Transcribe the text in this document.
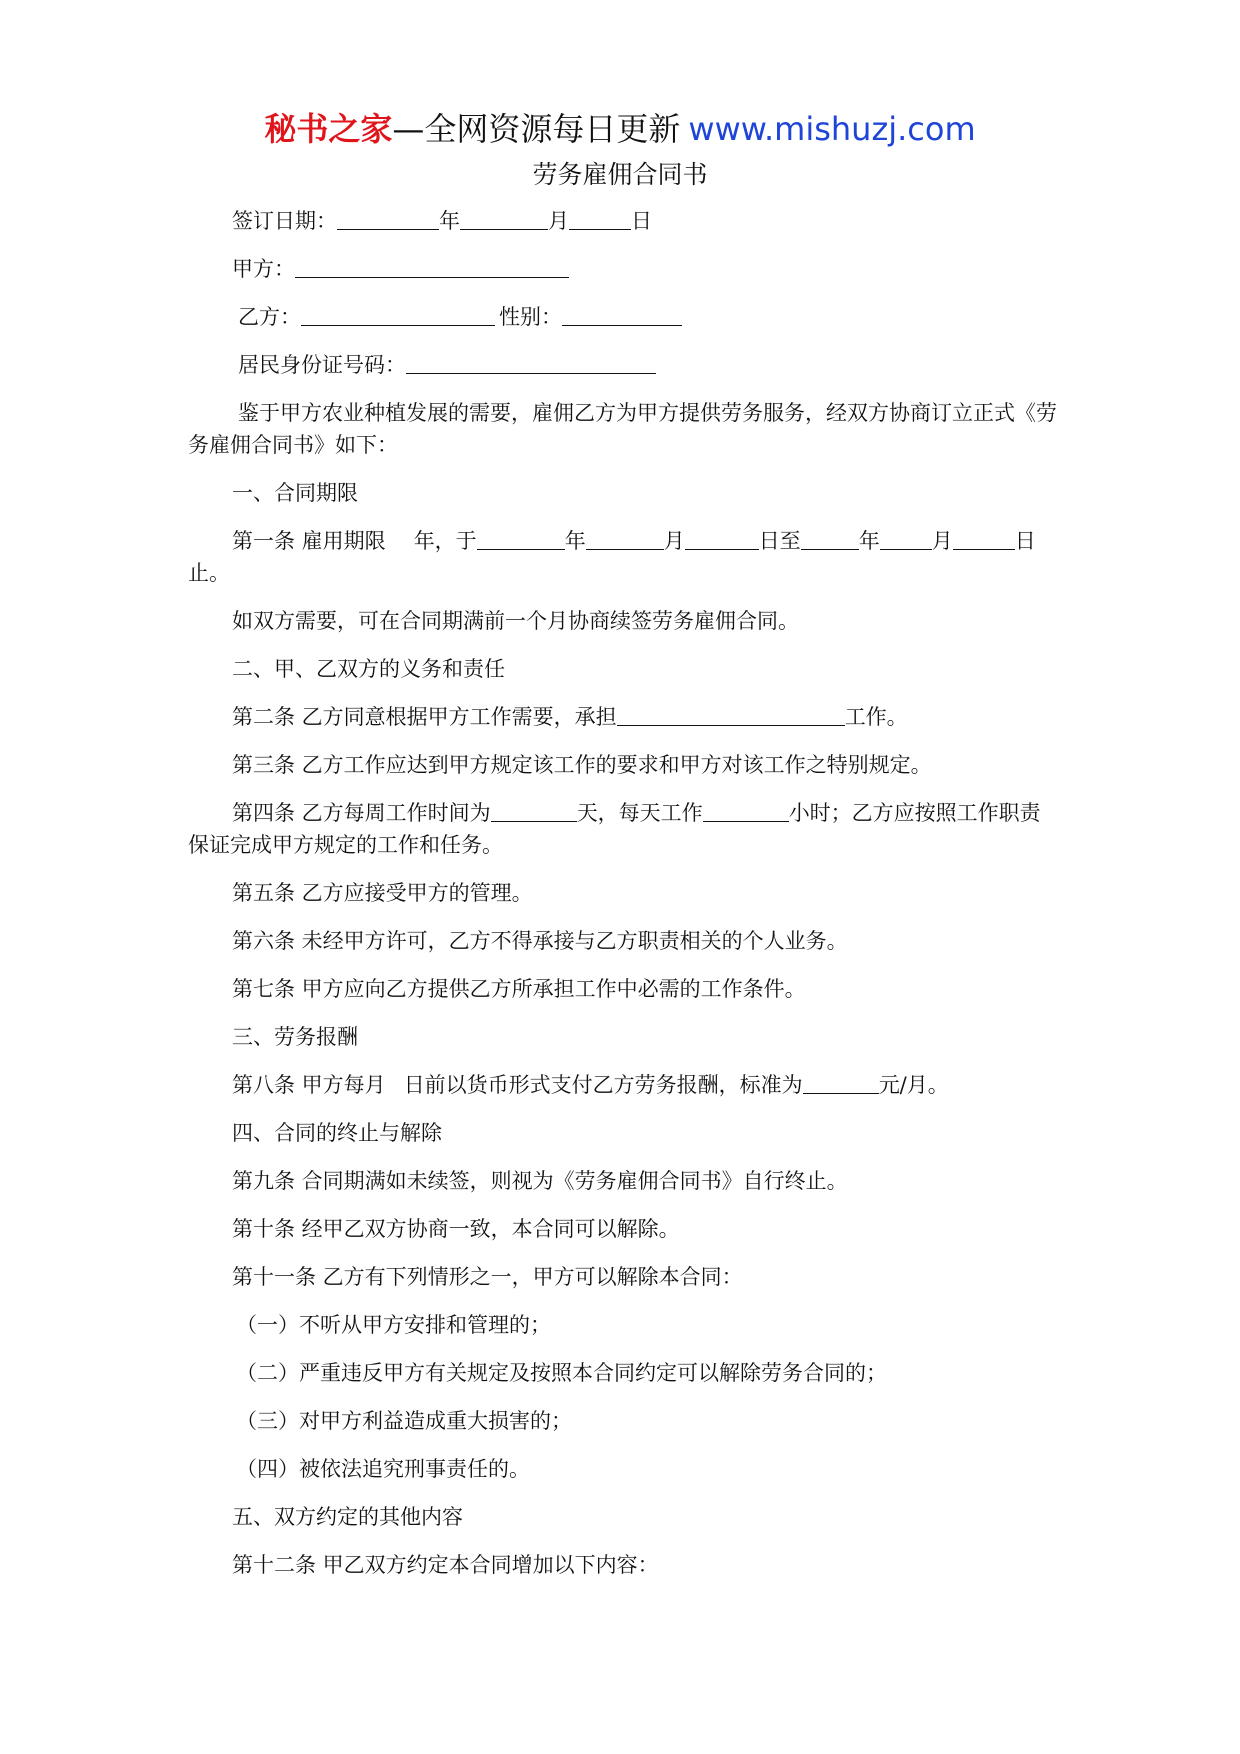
秘书之家—全网资源每日更新 www.mishuzj.com
劳务雇佣合同书
签订日期：	年	月	日
甲方：
乙方：	性别：
居民身份证号码：
鉴于甲方农业种植发展的需要，雇佣乙方为甲方提供劳务服务，经双方协商订立正式《劳务雇佣合同书》如下：
一、合同期限
第一条 雇用期限 年，于	年	月	日至	年 月	日止。
如双方需要，可在合同期满前一个月协商续签劳务雇佣合同。
二、甲、乙双方的义务和责任
第二条 乙方同意根据甲方工作需要，承担	工作。
第三条 乙方工作应达到甲方规定该工作的要求和甲方对该工作之特别规定。
第四条 乙方每周工作时间为	天，每天工作	小时；乙方应按照工作职责保证完成甲方规定的工作和任务。
第五条 乙方应接受甲方的管理。
第六条 未经甲方许可，乙方不得承接与乙方职责相关的个人业务。
第七条 甲方应向乙方提供乙方所承担工作中必需的工作条件。
三、劳务报酬
第八条 甲方每月 日前以货币形式支付乙方劳务报酬，标准为	元/月。
四、合同的终止与解除
第九条 合同期满如未续签，则视为《劳务雇佣合同书》自行终止。
第十条 经甲乙双方协商一致，本合同可以解除。
第十一条 乙方有下列情形之一，甲方可以解除本合同：
（一）不听从甲方安排和管理的；
（二）严重违反甲方有关规定及按照本合同约定可以解除劳务合同的；
（三）对甲方利益造成重大损害的；
（四）被依法追究刑事责任的。
五、双方约定的其他内容
第十二条 甲乙双方约定本合同增加以下内容：
